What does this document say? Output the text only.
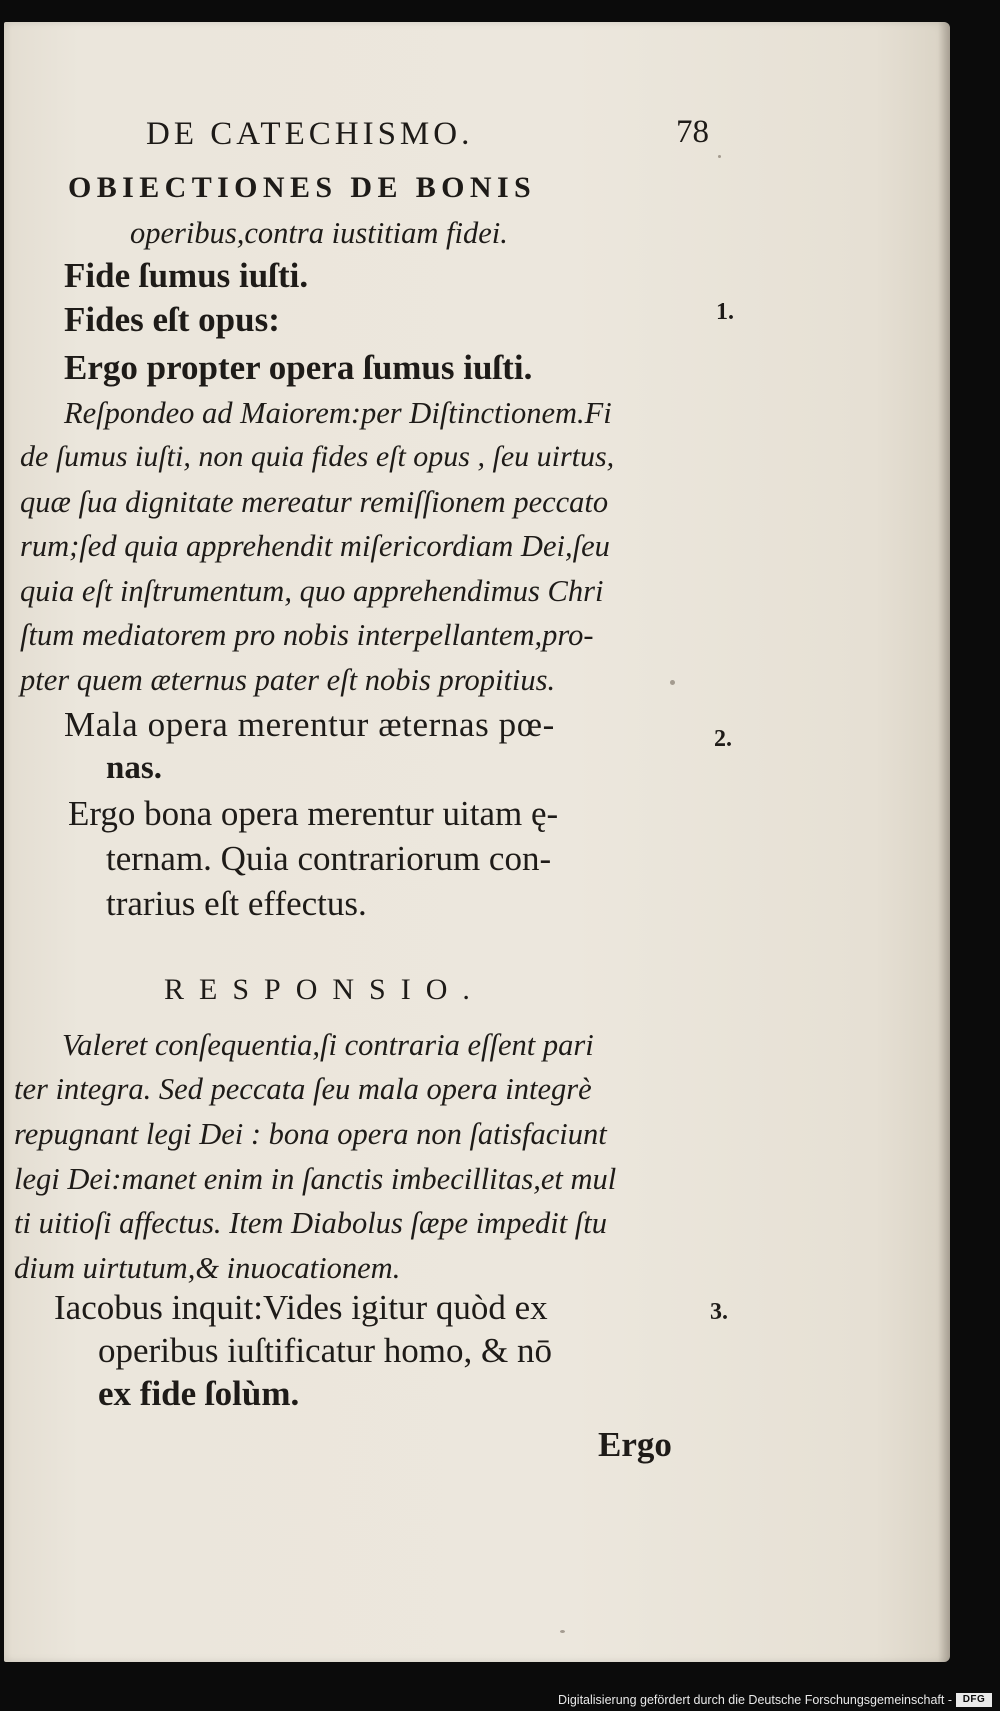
DE CATECHISMO.	78

OBIECTIONES DE BONIS

operibus,contra iustitiam fidei.

Fide ſumus iuſti.

Fides eſt opus:	1.

Ergo propter opera ſumus iuſti.

Reſpondeo ad Maiorem:per Diſtinctionem.Fi

de ſumus iuſti, non quia fides eſt opus , ſeu uirtus,

quæ ſua dignitate mereatur remiſſionem peccato

rum;ſed quia apprehendit miſericordiam Dei,ſeu

quia eſt inſtrumentum, quo apprehendimus Chri

ſtum mediatorem pro nobis interpellantem,pro-

pter quem æternus pater eſt nobis propitius.

Mala opera merentur æternas pœ-	2.

nas.

Ergo bona opera merentur uitam ę-

ternam. Quia contrariorum con-

trarius eſt effectus.

RESPONSIO.

Valeret conſequentia,ſi contraria eſſent pari

ter integra. Sed peccata ſeu mala opera integrè

repugnant legi Dei : bona opera non ſatisfaciunt

legi Dei:manet enim in ſanctis imbecillitas,et mul

ti uitioſi affectus. Item Diabolus ſæpe impedit ſtu

dium uirtutum,& inuocationem.

Iacobus inquit:Vides igitur quòd ex	3.

operibus iuſtificatur homo, & nō

ex fide ſolùm.

Ergo

Digitalisierung gefördert durch die Deutsche Forschungsgemeinschaft -	DFG
